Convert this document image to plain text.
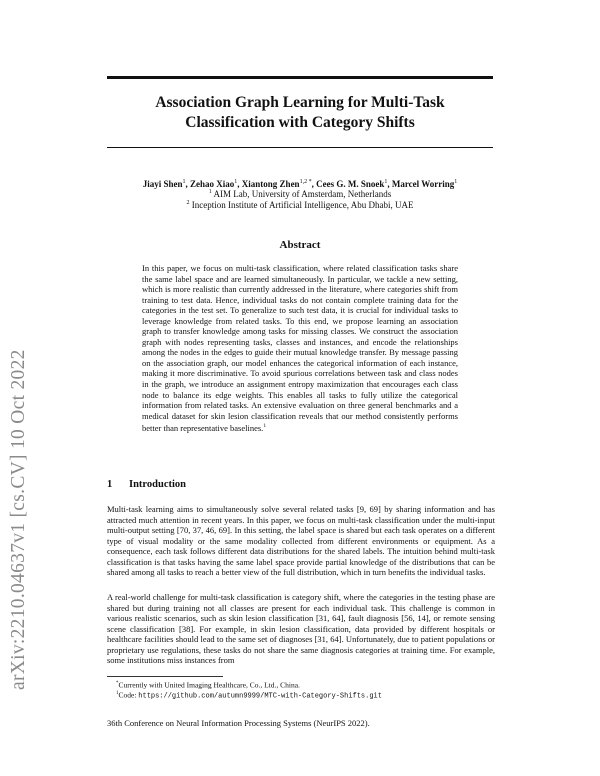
arXiv:2210.04637v1 [cs.CV] 10 Oct 2022
Association Graph Learning for Multi-Task
Classification with Category Shifts
Jiayi Shen$^1$, Zehao Xiao$^1$, Xiantong Zhen$^{1,2 *}$, Cees G. M. Snoek$^1$, Marcel Worring$^1$
$^1$ AIM Lab, University of Amsterdam, Netherlands
$^2$ Inception Institute of Artificial Intelligence, Abu Dhabi, UAE
Abstract
In this paper, we focus on multi-task classification, where related classification tasks share the same label space and are learned simultaneously. In particular, we tackle a new setting, which is more realistic than currently addressed in the literature, where categories shift from training to test data. Hence, individual tasks do not contain complete training data for the categories in the test set. To generalize to such test data, it is crucial for individual tasks to leverage knowledge from related tasks. To this end, we propose learning an association graph to transfer knowledge among tasks for missing classes. We construct the association graph with nodes representing tasks, classes and instances, and encode the relationships among the nodes in the edges to guide their mutual knowledge transfer. By message passing on the association graph, our model enhances the categorical information of each instance, making it more discriminative. To avoid spurious correlations between task and class nodes in the graph, we introduce an assignment entropy maximization that encourages each class node to balance its edge weights. This enables all tasks to fully utilize the categorical information from related tasks. An extensive evaluation on three general benchmarks and a medical dataset for skin lesion classification reveals that our method consistently performs better than representative baselines.$^1$
1 Introduction
Multi-task learning aims to simultaneously solve several related tasks [9, 69] by sharing information and has attracted much attention in recent years. In this paper, we focus on multi-task classification under the multi-input multi-output setting [70, 37, 46, 69]. In this setting, the label space is shared but each task operates on a different type of visual modality or the same modality collected from different environments or equipment. As a consequence, each task follows different data distributions for the shared labels. The intuition behind multi-task classification is that tasks having the same label space provide partial knowledge of the distributions that can be shared among all tasks to reach a better view of the full distribution, which in turn benefits the individual tasks.
A real-world challenge for multi-task classification is category shift, where the categories in the testing phase are shared but during training not all classes are present for each individual task. This challenge is common in various realistic scenarios, such as skin lesion classification [31, 64], fault diagnosis [56, 14], or remote sensing scene classification [38]. For example, in skin lesion classification, data provided by different hospitals or healthcare facilities should lead to the same set of diagnoses [31, 64]. Unfortunately, due to patient populations or proprietary use regulations, these tasks do not share the same diagnosis categories at training time. For example, some institutions miss instances from
*Currently with United Imaging Healthcare, Co., Ltd., China.
$^1$Code: https://github.com/autumn9999/MTC-with-Category-Shifts.git
36th Conference on Neural Information Processing Systems (NeurIPS 2022).
